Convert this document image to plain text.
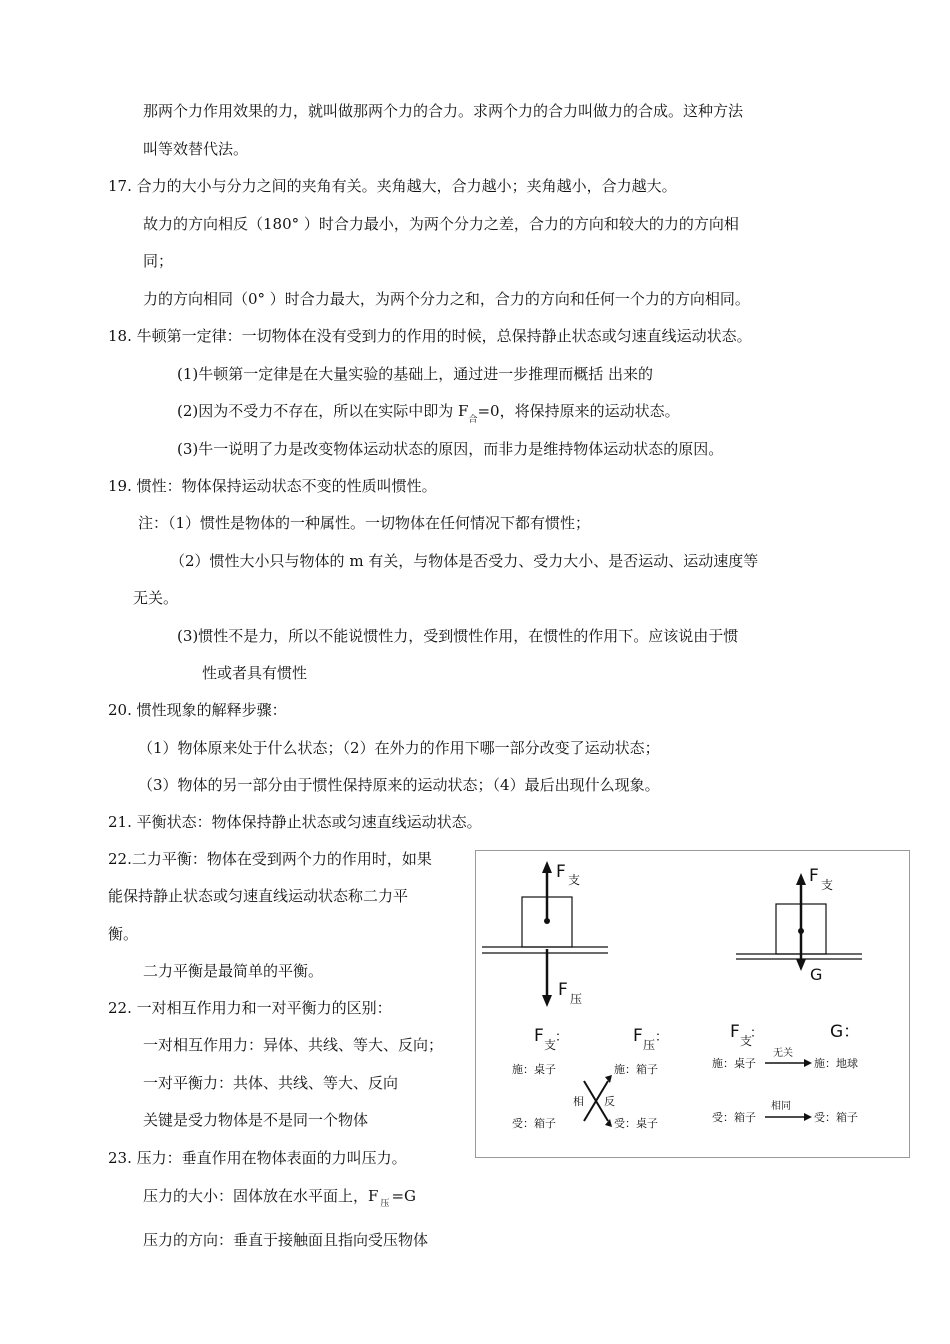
那两个力作用效果的力，就叫做那两个力的合力。求两个力的合力叫做力的合成。这种方法
叫等效替代法。
17. 合力的大小与分力之间的夹角有关。夹角越大，合力越小；夹角越小，合力越大。
故力的方向相反（180° ）时合力最小，为两个分力之差，合力的方向和较大的力的方向相
同；
力的方向相同（0° ）时合力最大，为两个分力之和，合力的方向和任何一个力的方向相同。
18. 牛顿第一定律：一切物体在没有受到力的作用的时候，总保持静止状态或匀速直线运动状态。
(1)牛顿第一定律是在大量实验的基础上，通过进一步推理而概括 出来的
(2)因为不受力不存在，所以在实际中即为 $F_合=0$，将保持原来的运动状态。
(3)牛一说明了力是改变物体运动状态的原因，而非力是维持物体运动状态的原因。
19. 惯性：物体保持运动状态不变的性质叫惯性。
注：（1）惯性是物体的一种属性。一切物体在任何情况下都有惯性；
（2）惯性大小只与物体的 m 有关，与物体是否受力、受力大小、是否运动、运动速度等
无关。
(3)惯性不是力，所以不能说惯性力，受到惯性作用，在惯性的作用下。应该说由于惯
性或者具有惯性
20. 惯性现象的解释步骤：
（1）物体原来处于什么状态；（2）在外力的作用下哪一部分改变了运动状态；
（3）物体的另一部分由于惯性保持原来的运动状态；（4）最后出现什么现象。
21. 平衡状态：物体保持静止状态或匀速直线运动状态。
22.二力平衡：物体在受到两个力的作用时，如果
能保持静止状态或匀速直线运动状态称二力平
衡。
二力平衡是最简单的平衡。
22. 一对相互作用力和一对平衡力的区别：
一对相互作用力：异体、共线、等大、反向；
一对平衡力：共体、共线、等大、反向
关键是受力物体是不是同一个物体
23. 压力：垂直作用在物体表面的力叫压力。
压力的大小：固体放在水平面上，F $_压$ =G
压力的方向：垂直于接触面且指向受压物体
F 支
F 压
F 支
G
F 支
：	F 压 ：
施：桌子
受：箱子
施：箱子
受：桌子
相 反
F 支
：	G：
施：桌子
无关
施：地球
受：箱子
相同
受：箱子
